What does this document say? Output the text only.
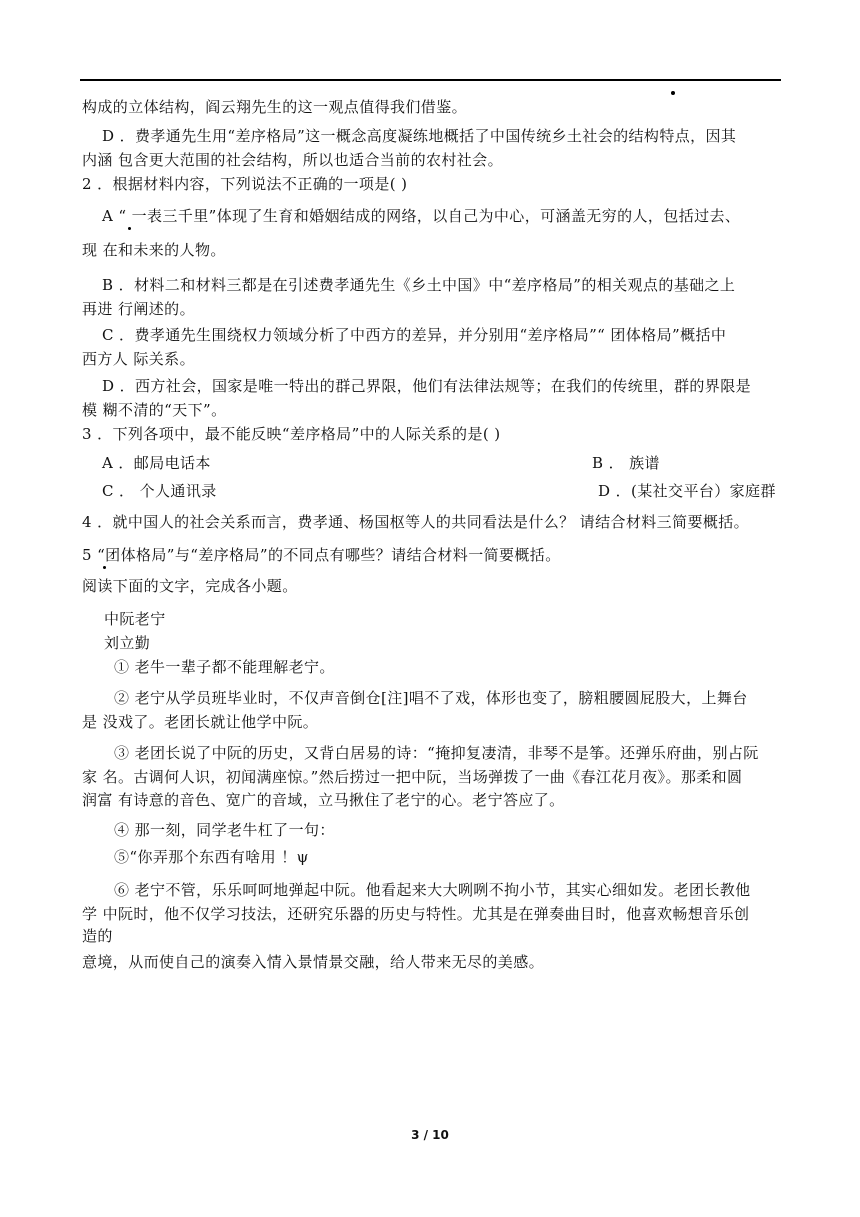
构成的立体结构，阎云翔先生的这一观点值得我们借鉴。
D ．费孝通先生用“差序格局”这一概念高度凝练地概括了中国传统乡土社会的结构特点，因其
内涵 包含更大范围的社会结构，所以也适合当前的农村社会。
2 ．根据材料内容，下列说法不正确的一项是( )
A “ 一表三千里”体现了生育和婚姻结成的网络，以自己为中心，可涵盖无穷的人，包括过去、
现 在和未来的人物。
B ．材料二和材料三都是在引述费孝通先生《乡土中国》中“差序格局”的相关观点的基础之上
再进 行阐述的。
C ．费孝通先生围绕权力领域分析了中西方的差异，并分别用“差序格局”“ 团体格局”概括中
西方人 际关系。
D ．西方社会，国家是唯一特出的群己界限，他们有法律法规等；在我们的传统里，群的界限是
模 糊不清的“天下”。
3 ．下列各项中，最不能反映“差序格局”中的人际关系的是( )
A ．邮局电话本	B ． 族谱
C ． 个人通讯录	D ．(某社交平台）家庭群
4 ．就中国人的社会关系而言，费孝通、杨国枢等人的共同看法是什么？ 请结合材料三简要概括。
5 “团体格局”与“差序格局”的不同点有哪些？请结合材料一简要概括。
阅读下面的文字，完成各小题。
中阮老宁
刘立勤
① 老牛一辈子都不能理解老宁。
② 老宁从学员班毕业时，不仅声音倒仓[注]唱不了戏，体形也变了，膀粗腰圆屁股大，上舞台
是 没戏了。老团长就让他学中阮。
③ 老团长说了中阮的历史，又背白居易的诗：“掩抑复凄清，非琴不是筝。还弹乐府曲，别占阮
家 名。古调何人识，初闻满座惊。”然后捞过一把中阮，当场弹拨了一曲《春江花月夜》。那柔和圆
润富 有诗意的音色、宽广的音域，立马揪住了老宁的心。老宁答应了。
④ 那一刻，同学老牛杠了一句：
⑤“你弄那个东西有啥用 ！ψ
⑥ 老宁不管，乐乐呵呵地弹起中阮。他看起来大大咧咧不拘小节，其实心细如发。老团长教他
学 中阮时，他不仅学习技法，还研究乐器的历史与特性。尤其是在弹奏曲目时，他喜欢畅想音乐创
造的
意境，从而使自己的演奏入情入景情景交融，给人带来无尽的美感。
3 / 10
